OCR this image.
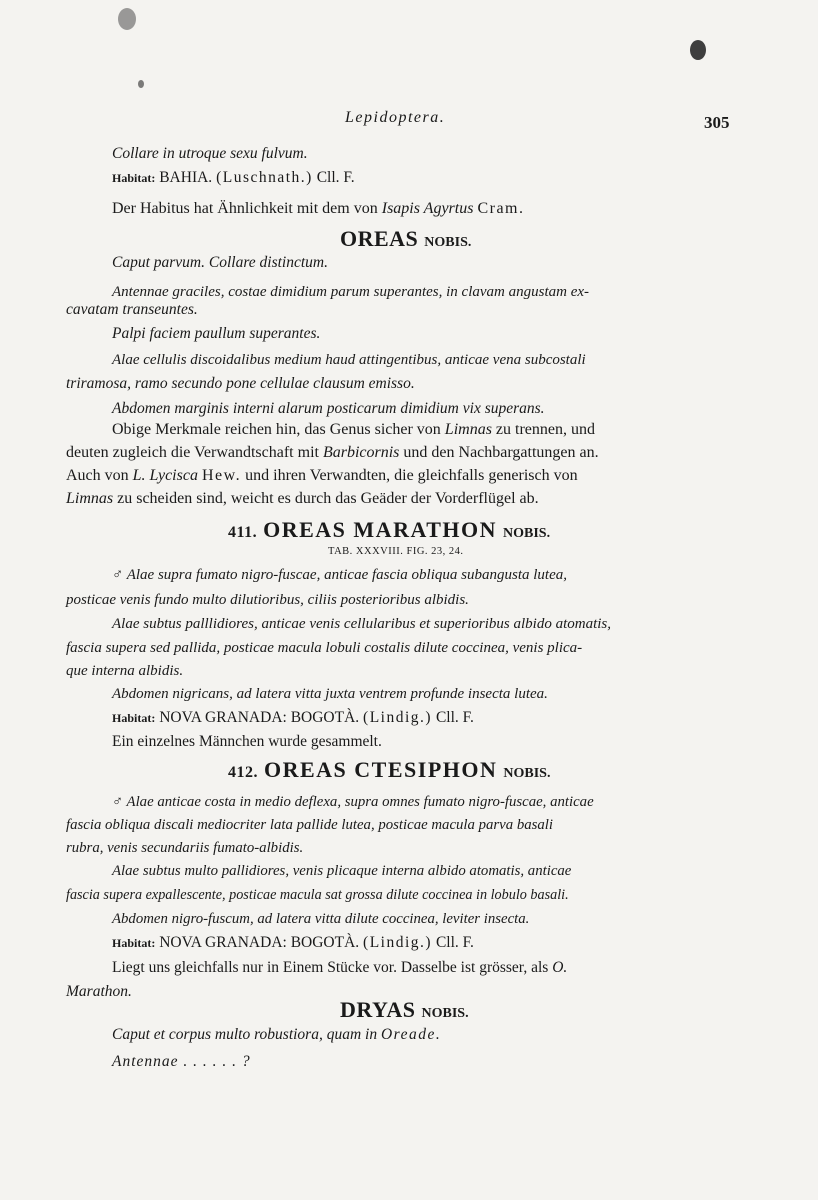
Lepidoptera.	305
Collare in utroque sexu fulvum.
Habitat: BAHIA. (Luschnath.) Cll. F.
Der Habitus hat Ähnlichkeit mit dem von Isapis Agyrtus Cram.
OREAS NOBIS.
Caput parvum. Collare distinctum.
Antennae graciles, costae dimidium parum superantes, in clavam angustam ex-
cavatam transeuntes.
Palpi faciem paullum superantes.
Alae cellulis discoidalibus medium haud attingentibus, anticae vena subcostali
triramosa, ramo secundo pone cellulae clausum emisso.
Abdomen marginis interni alarum posticarum dimidium vix superans.
Obige Merkmale reichen hin, das Genus sicher von Limnas zu trennen, und
deuten zugleich die Verwandtschaft mit Barbicornis und den Nachbargattungen an.
Auch von L. Lycisca Hew. und ihren Verwandten, die gleichfalls generisch von
Limnas zu scheiden sind, weicht es durch das Geäder der Vorderflügel ab.
411. OREAS MARATHON NOBIS.
TAB. XXXVIII. FIG. 23, 24.
♂ Alae supra fumato nigro-fuscae, anticae fascia obliqua subangusta lutea,
posticae venis fundo multo dilutioribus, ciliis posterioribus albidis.
Alae subtus palllidiores, anticae venis cellularibus et superioribus albido atomatis,
fascia supera sed pallida, posticae macula lobuli costalis dilute coccinea, venis plica-
que interna albidis.
Abdomen nigricans, ad latera vitta juxta ventrem profunde insecta lutea.
Habitat: NOVA GRANADA: BOGOTÀ. (Lindig.) Cll. F.
Ein einzelnes Männchen wurde gesammelt.
412. OREAS CTESIPHON NOBIS.
♂ Alae anticae costa in medio deflexa, supra omnes fumato nigro-fuscae, anticae
fascia obliqua discali mediocriter lata pallide lutea, posticae macula parva basali
rubra, venis secundariis fumato-albidis.
Alae subtus multo pallidiores, venis plicaque interna albido atomatis, anticae
fascia supera expallescente, posticae macula sat grossa dilute coccinea in lobulo basali.
Abdomen nigro-fuscum, ad latera vitta dilute coccinea, leviter insecta.
Habitat: NOVA GRANADA: BOGOTÀ. (Lindig.) Cll. F.
Liegt uns gleichfalls nur in Einem Stücke vor. Dasselbe ist grösser, als O.
Marathon.
DRYAS NOBIS.
Caput et corpus multo robustiora, quam in Oreade.
Antennae . . . . . . ?
